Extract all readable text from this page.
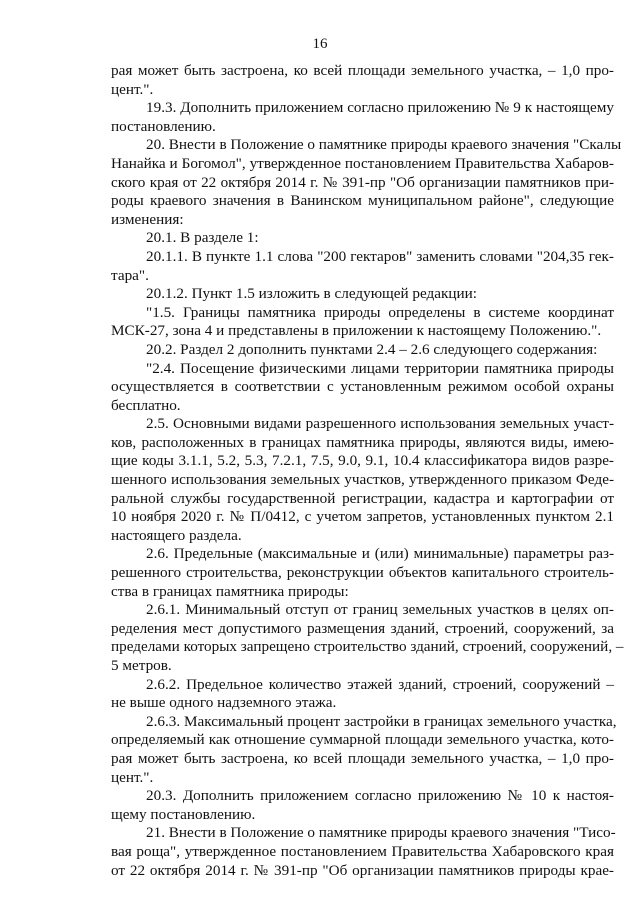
16
рая может быть застроена, ко всей площади земельного участка, – 1,0 про-
цент.".
19.3. Дополнить приложением согласно приложению № 9 к настоящему
постановлению.
20. Внести в Положение о памятнике природы краевого значения "Скалы
Нанайка и Богомол", утвержденное постановлением Правительства Хабаров-
ского края от 22 октября 2014 г. № 391-пр "Об организации памятников при-
роды краевого значения в Ванинском муниципальном районе", следующие
изменения:
20.1. В разделе 1:
20.1.1. В пункте 1.1 слова "200 гектаров" заменить словами "204,35 гек-
тара".
20.1.2. Пункт 1.5 изложить в следующей редакции:
"1.5. Границы памятника природы определены в системе координат
МСК-27, зона 4 и представлены в приложении к настоящему Положению.".
20.2. Раздел 2 дополнить пунктами 2.4 – 2.6 следующего содержания:
"2.4. Посещение физическими лицами территории памятника природы
осуществляется в соответствии с установленным режимом особой охраны
бесплатно.
2.5. Основными видами разрешенного использования земельных участ-
ков, расположенных в границах памятника природы, являются виды, имею-
щие коды 3.1.1, 5.2, 5.3, 7.2.1, 7.5, 9.0, 9.1, 10.4 классификатора видов разре-
шенного использования земельных участков, утвержденного приказом Феде-
ральной службы государственной регистрации, кадастра и картографии от
10 ноября 2020 г. № П/0412, с учетом запретов, установленных пунктом 2.1
настоящего раздела.
2.6. Предельные (максимальные и (или) минимальные) параметры раз-
решенного строительства, реконструкции объектов капитального строитель-
ства в границах памятника природы:
2.6.1. Минимальный отступ от границ земельных участков в целях оп-
ределения мест допустимого размещения зданий, строений, сооружений, за
пределами которых запрещено строительство зданий, строений, сооружений, –
5 метров.
2.6.2. Предельное количество этажей зданий, строений, сооружений –
не выше одного надземного этажа.
2.6.3. Максимальный процент застройки в границах земельного участка,
определяемый как отношение суммарной площади земельного участка, кото-
рая может быть застроена, ко всей площади земельного участка, – 1,0 про-
цент.".
20.3. Дополнить приложением согласно приложению № 10 к настоя-
щему постановлению.
21. Внести в Положение о памятнике природы краевого значения "Тисо-
вая роща", утвержденное постановлением Правительства Хабаровского края
от 22 октября 2014 г. № 391-пр "Об организации памятников природы крае-
